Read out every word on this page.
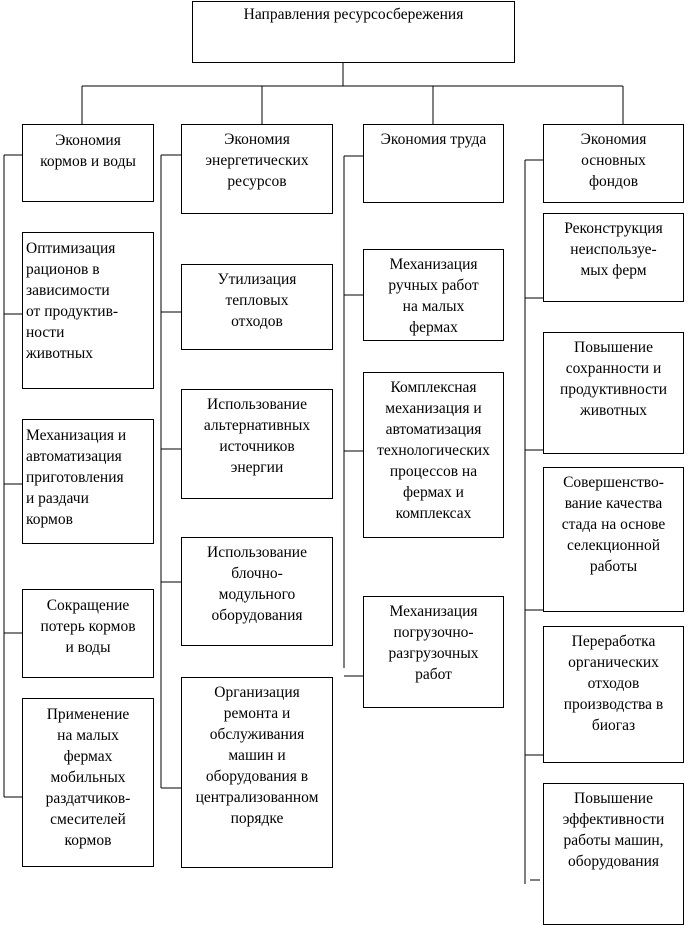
Направления ресурсосбережения
Экономия
кормов и воды
Оптимизация
рационов в
зависимости
от продуктив-
ности
животных
Механизация и
автоматизация
приготовления
и раздачи
кормов
Сокращение
потерь кормов
и воды
Применение
на малых
фермах
мобильных
раздатчиков-
смесителей
кормов
Экономия
энергетических
ресурсов
Утилизация
тепловых
отходов
Использование
альтернативных
источников
энергии
Использование
блочно-
модульного
оборудования
Организация
ремонта и
обслуживания
машин и
оборудования в
централизованном
порядке
Экономия труда
Механизация
ручных работ
на малых
фермах
Комплексная
механизация и
автоматизация
технологических
процессов на
фермах и
комплексах
Механизация
погрузочно-
разгрузочных
работ
Экономия
основных
фондов
Реконструкция
неиспользуе-
мых ферм
Повышение
сохранности и
продуктивности
животных
Совершенство-
вание качества
стада на основе
селекционной
работы
Переработка
органических
отходов
производства в
биогаз
Повышение
эффективности
работы машин,
оборудования
